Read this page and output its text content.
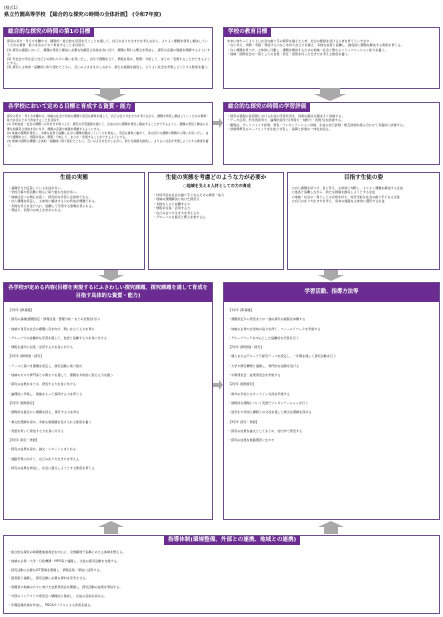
(様式1)
県立竹園高等学校 【総合的な探究の時間の全体計画】 (令和7年度)
総合的な探究の時間の第1の目標
探究の見方・考え方を働かせ、横断的・総合的な学習を行うことを通して、自己の在り方生き方を考えながら、よりよく課題を発見し解決していくための資質・能力を次のとおり育成することを目指す。
(1) 探究の過程において、課題の発見と解決に必要な知識及び技能を身に付け、課題に関わる概念を形成し、探究の意義や価値を理解するようにする。
(2) 実社会や実生活と自己との関わりから問いを見いだし、自分で課題を立て、情報を集め、整理・分析して、まとめ・表現することができるようにする。
(3) 探究に主体的・協働的に取り組むとともに、互いのよさを生かしながら、新たな価値を創造し、よりよい社会を実現しようとする態度を養う。
学校の教育目標
未来に向かってよりよい社会の創り手の資質を備えた人材、社会の要請を受ける人材を育てていきます。
・自ら考え、判断・実践・発信する力などを持ち自立力を備え、多様な他者と協働し、創造的に課題を解決する資質を育てる。
・自ら課題を見つけ、主体的に行動し、課題を解決するための地域・社会と関わるコミュニケーション能力を養う。
・地域・国際社会の一員としての自覚・責任・感覚を持った生き方を考える態度を養う。
各学校において定める目標と育成する資質・能力
探究の見方・考え方を働かせ、地域の社会や学校の課題や身近な事象を通して、自己の在り方生き方を考えながら、課題を発見し解決していくための資質・能力を次のとおり育成することを目指す。
(1) 学校独自・社会の課題への気付きを取り上げ、探究の学習過程を通じて、生徒の自ら課題を発見し解決することができるように、課題の発見と解決に必要な知識及び技能を身に付け、課題の意義や価値を理解するようにする。
(2) 地域の課題を発見し、多様な他者と協働しながら課題を解決していく力を育成し、身近な事象に触れて、身の回りの課題や問題から問いを見いだし、自分で課題を立て、情報を集め、整理・分析して、まとめ・表現することができるようにする。
(3) 地域や国際の課題に主体的・協働的に取り組むとともに、互いのよさを生かしながら、新たな価値を創造し、よりよい社会を実現しようとする態度を養う。
総合的な探究の時間の学習評価
・探究の過程の各段階における生徒の学習状況を、評価の観点を踏まえて評価する。
・データ活用、科学的思考力、論理的思考力(考察力・判断力・表現力)を評価する。
・観察法、ポートフォリオ評価、発表・プレゼンテーション評価、生徒の自己評価・相互評価を組み合わせて多面的に評価する。
・評価規準及びルーブリックを生徒と共有し、指導と評価の一体化を図る。
生徒の実態
・基礎学力が定着している生徒が多い。
・学校行事や部活動に熱心に取り組む生徒が多い。
・地域社会への関心が高く、探究的な学習に意欲的である。
・自ら課題を設定し、主体的に解決する力の育成が課題である。
・多様な考えを受け入れ、協働して学習する姿勢が見られる。
・発信力、表現力の向上が求められる。
生徒の実態を考慮どのような力が必要か
○地域を支える人材としての力の育成
・持続可能な社会の創り手となるための資質・能力
・地域の課題解決に向けた探究力
・多様な人々と協働する力
・情報を収集・活用する力
・自己の在り方生き方を考える力
・グローバルな視点と郷土を愛する心
目指す生徒の姿
○自ら課題を見つけ、自ら考え、主体的に判断し、よりよく課題を解決する生徒
○他者と協働しながら、新たな価値を創造しようとする生徒
○地域・社会の一員としての自覚を持ち、持続可能な社会の創り手となる生徒
○自己の在り方生き方を考え、将来の進路を主体的に選択する生徒
各学校が定める内容(目標を実現するにふさわしい探究課題、探究課題を通して育成を目指す具体的な資質・能力)
【1学年 探Ⅰ基礎】
・探究の基礎(課題設定・情報収集・整理分析・まとめ表現)を学ぶ
・地域や身近な社会の課題に目を向け、問いを立てる力を育む
・グループでの協働的な学習を通して、他者と協働する力を身に付ける
・情報を適切に収集・活用する力を身に付ける
【2学年 探Ⅱ発展・探究】
・テーマに基づき課題を設定し、探究活動に取り組む
・地域の方々や専門家との関わりを通して、課題を多角的に捉える力を養う
・探究の成果をまとめ、発表する力を身に付ける
・論理的に考察し、根拠をもって説明する力を育てる
【2学年 国際探究】
・国際的な視点から課題を捉え、探究する力を育む
・異文化理解を深め、多様な価値観を受け入れる態度を養う
・英語を用いて発信する力を身に付ける
【3学年 探究・発展】
・探究の成果を深め、論文・レポートにまとめる
・進路実現に向けて、自己の在り方生き方を考える
・探究の成果を発信し、社会に還元しようとする態度を育てる
学習活動、指導方法等
【1学年 探Ⅰ基礎】
・課題設定から発表までの一連の探究の過程を体験する
・地域の企業や自治体の協力を得て、フィールドワークを実施する
・グループワークを中心とした協働的な学習を行う
【2学年 探Ⅱ発展・探究】
・個人またはグループで探究テーマを設定し、一年間を通して探究活動を行う
・大学や研究機関と連携し、専門的な指導を受ける
・中間発表会・成果発表会を実施する
【2学年 国際探究】
・海外の学校とのオンライン交流を実施する
・国際的な課題について英語でプレゼンテーションを行う
・留学生や外国人講師との交流を通して異文化理解を深める
【3学年 探究・発展】
・探究の成果を論文としてまとめ、校内外で発表する
・探究の成果を進路選択に生かす
指導体制(環境整備、外部との連携、地域との連携)
・総合的な探究の時間推進委員会を中心に、全教職員で指導にあたる体制を整える。
・地域の企業・大学・行政機関・NPO等と連携し、生徒の探究活動を支援する。
・探究活動に必要なICT環境を整備し、情報収集・発信に活用する。
・図書館と連携し、探究活動に必要な資料を充実させる。
・保護者や地域の方々に向けた成果発表会を開催し、探究活動の成果を発信する。
・外部のコンテストや発表会へ積極的に参加し、生徒の意欲を高める。
・年間指導計画を作成し、PDCAサイクルによる改善を図る。
